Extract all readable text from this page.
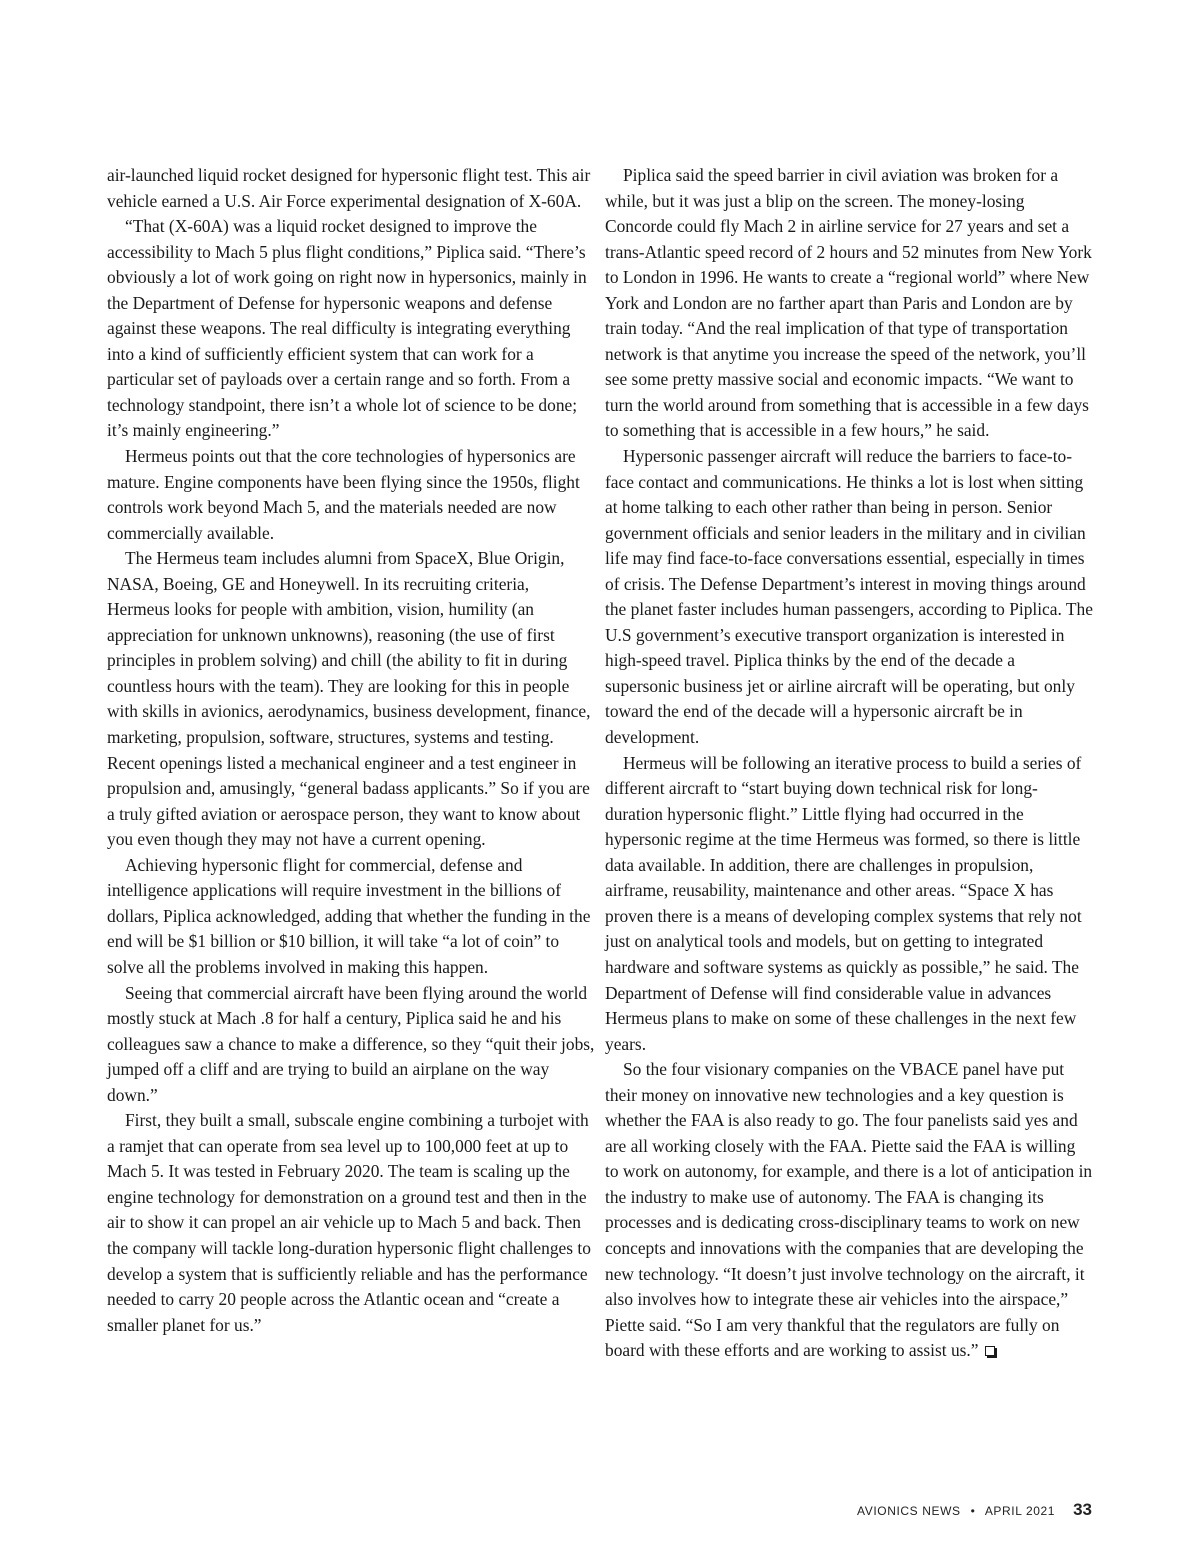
air-launched liquid rocket designed for hypersonic flight test. This air vehicle earned a U.S. Air Force experimental designation of X-60A.

“That (X-60A) was a liquid rocket designed to improve the accessibility to Mach 5 plus flight conditions,” Piplica said. “There’s obviously a lot of work going on right now in hypersonics, mainly in the Department of Defense for hypersonic weapons and defense against these weapons. The real difficulty is integrating everything into a kind of sufficiently efficient system that can work for a particular set of payloads over a certain range and so forth. From a technology standpoint, there isn’t a whole lot of science to be done; it’s mainly engineering.”

Hermeus points out that the core technologies of hypersonics are mature. Engine components have been flying since the 1950s, flight controls work beyond Mach 5, and the materials needed are now commercially available.

The Hermeus team includes alumni from SpaceX, Blue Origin, NASA, Boeing, GE and Honeywell. In its recruiting criteria, Hermeus looks for people with ambition, vision, humility (an appreciation for unknown unknowns), reasoning (the use of first principles in problem solving) and chill (the ability to fit in during countless hours with the team). They are looking for this in people with skills in avionics, aerodynamics, business development, finance, marketing, propulsion, software, structures, systems and testing. Recent openings listed a mechanical engineer and a test engineer in propulsion and, amusingly, “general badass applicants.” So if you are a truly gifted aviation or aerospace person, they want to know about you even though they may not have a current opening.

Achieving hypersonic flight for commercial, defense and intelligence applications will require investment in the billions of dollars, Piplica acknowledged, adding that whether the funding in the end will be $1 billion or $10 billion, it will take “a lot of coin” to solve all the problems involved in making this happen.

Seeing that commercial aircraft have been flying around the world mostly stuck at Mach .8 for half a century, Piplica said he and his colleagues saw a chance to make a difference, so they “quit their jobs, jumped off a cliff and are trying to build an airplane on the way down.”

First, they built a small, subscale engine combining a turbojet with a ramjet that can operate from sea level up to 100,000 feet at up to Mach 5. It was tested in February 2020. The team is scaling up the engine technology for demonstration on a ground test and then in the air to show it can propel an air vehicle up to Mach 5 and back. Then the company will tackle long-duration hypersonic flight challenges to develop a system that is sufficiently reliable and has the performance needed to carry 20 people across the Atlantic ocean and “create a smaller planet for us.”

Piplica said the speed barrier in civil aviation was broken for a while, but it was just a blip on the screen. The money-losing Concorde could fly Mach 2 in airline service for 27 years and set a trans-Atlantic speed record of 2 hours and 52 minutes from New York to London in 1996. He wants to create a “regional world” where New York and London are no farther apart than Paris and London are by train today. “And the real implication of that type of transportation network is that anytime you increase the speed of the network, you’ll see some pretty massive social and economic impacts. “We want to turn the world around from something that is accessible in a few days to something that is accessible in a few hours,” he said.

Hypersonic passenger aircraft will reduce the barriers to face-to-face contact and communications. He thinks a lot is lost when sitting at home talking to each other rather than being in person. Senior government officials and senior leaders in the military and in civilian life may find face-to-face conversations essential, especially in times of crisis. The Defense Department’s interest in moving things around the planet faster includes human passengers, according to Piplica. The U.S government’s executive transport organization is interested in high-speed travel. Piplica thinks by the end of the decade a supersonic business jet or airline aircraft will be operating, but only toward the end of the decade will a hypersonic aircraft be in development.

Hermeus will be following an iterative process to build a series of different aircraft to “start buying down technical risk for long-duration hypersonic flight.” Little flying had occurred in the hypersonic regime at the time Hermeus was formed, so there is little data available. In addition, there are challenges in propulsion, airframe, reusability, maintenance and other areas. “Space X has proven there is a means of developing complex systems that rely not just on analytical tools and models, but on getting to integrated hardware and software systems as quickly as possible,” he said. The Department of Defense will find considerable value in advances Hermeus plans to make on some of these challenges in the next few years.

So the four visionary companies on the VBACE panel have put their money on innovative new technologies and a key question is whether the FAA is also ready to go. The four panelists said yes and are all working closely with the FAA. Piette said the FAA is willing to work on autonomy, for example, and there is a lot of anticipation in the industry to make use of autonomy. The FAA is changing its processes and is dedicating cross-disciplinary teams to work on new concepts and innovations with the companies that are developing the new technology. “It doesn’t just involve technology on the aircraft, it also involves how to integrate these air vehicles into the airspace,” Piette said. “So I am very thankful that the regulators are fully on board with these efforts and are working to assist us.”

AVIONICS NEWS • APRIL 2021 33
